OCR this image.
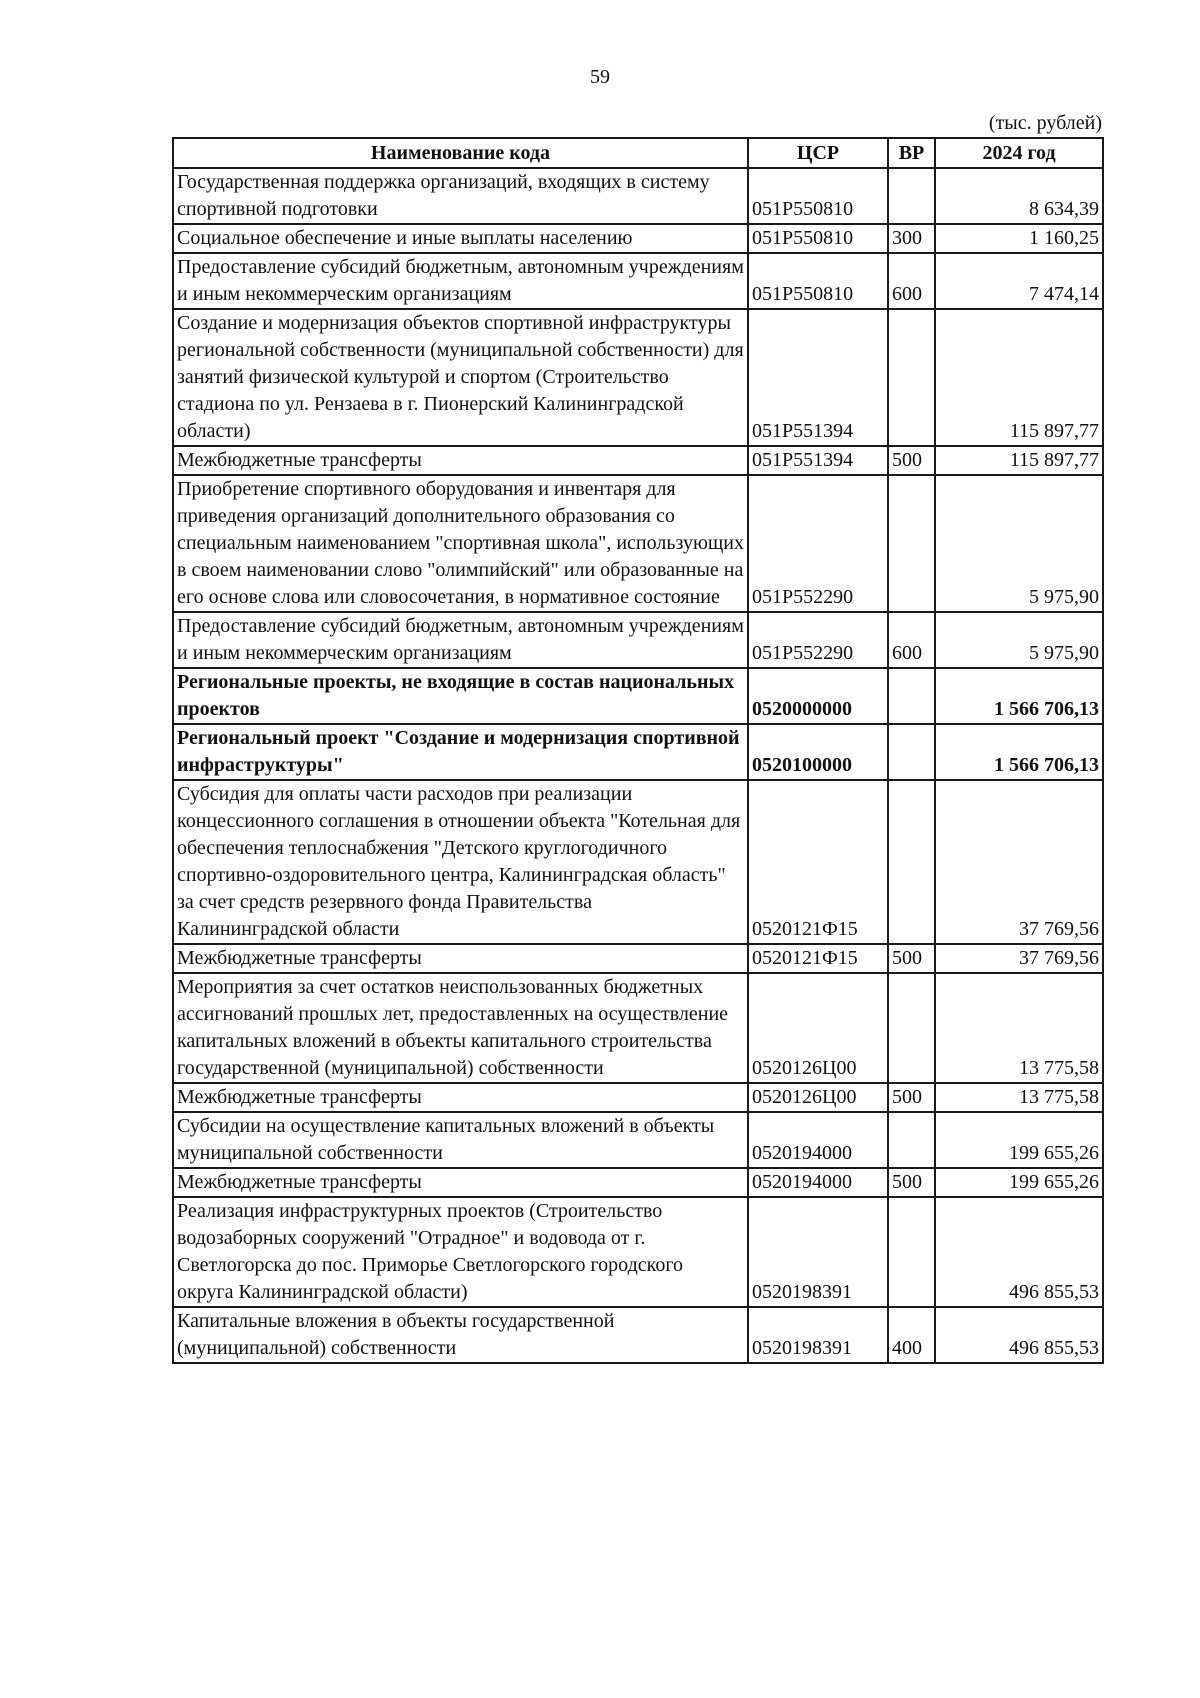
59
(тыс. рублей)
Наименование кода	ЦСР	ВР	2024 год
Государственная поддержка организаций, входящих в систему спортивной подготовки	051Р550810		8 634,39
Социальное обеспечение и иные выплаты населению	051Р550810	300	1 160,25
Предоставление субсидий бюджетным, автономным учреждениям и иным некоммерческим организациям	051Р550810	600	7 474,14
Создание и модернизация объектов спортивной инфраструктуры региональной собственности (муниципальной собственности) для занятий физической культурой и спортом (Строительство стадиона по ул. Рензаева в г. Пионерский Калининградской области)	051Р551394		115 897,77
Межбюджетные трансферты	051Р551394	500	115 897,77
Приобретение спортивного оборудования и инвентаря для приведения организаций дополнительного образования со специальным наименованием "спортивная школа", использующих в своем наименовании слово "олимпийский" или образованные на его основе слова или словосочетания, в нормативное состояние	051Р552290		5 975,90
Предоставление субсидий бюджетным, автономным учреждениям и иным некоммерческим организациям	051Р552290	600	5 975,90
Региональные проекты, не входящие в состав национальных проектов	0520000000		1 566 706,13
Региональный проект "Создание и модернизация спортивной инфраструктуры"	0520100000		1 566 706,13
Субсидия для оплаты части расходов при реализации концессионного соглашения в отношении объекта "Котельная для обеспечения теплоснабжения "Детского круглогодичного спортивно-оздоровительного центра, Калининградская область" за счет средств резервного фонда Правительства Калининградской области	0520121Ф15		37 769,56
Межбюджетные трансферты	0520121Ф15	500	37 769,56
Мероприятия за счет остатков неиспользованных бюджетных ассигнований прошлых лет, предоставленных на осуществление капитальных вложений в объекты капитального строительства государственной (муниципальной) собственности	0520126Ц00		13 775,58
Межбюджетные трансферты	0520126Ц00	500	13 775,58
Субсидии на осуществление капитальных вложений в объекты муниципальной собственности	0520194000		199 655,26
Межбюджетные трансферты	0520194000	500	199 655,26
Реализация инфраструктурных проектов (Строительство водозаборных сооружений "Отрадное" и водовода от г. Светлогорска до пос. Приморье Светлогорского городского округа Калининградской области)	0520198391		496 855,53
Капитальные вложения в объекты государственной (муниципальной) собственности	0520198391	400	496 855,53
